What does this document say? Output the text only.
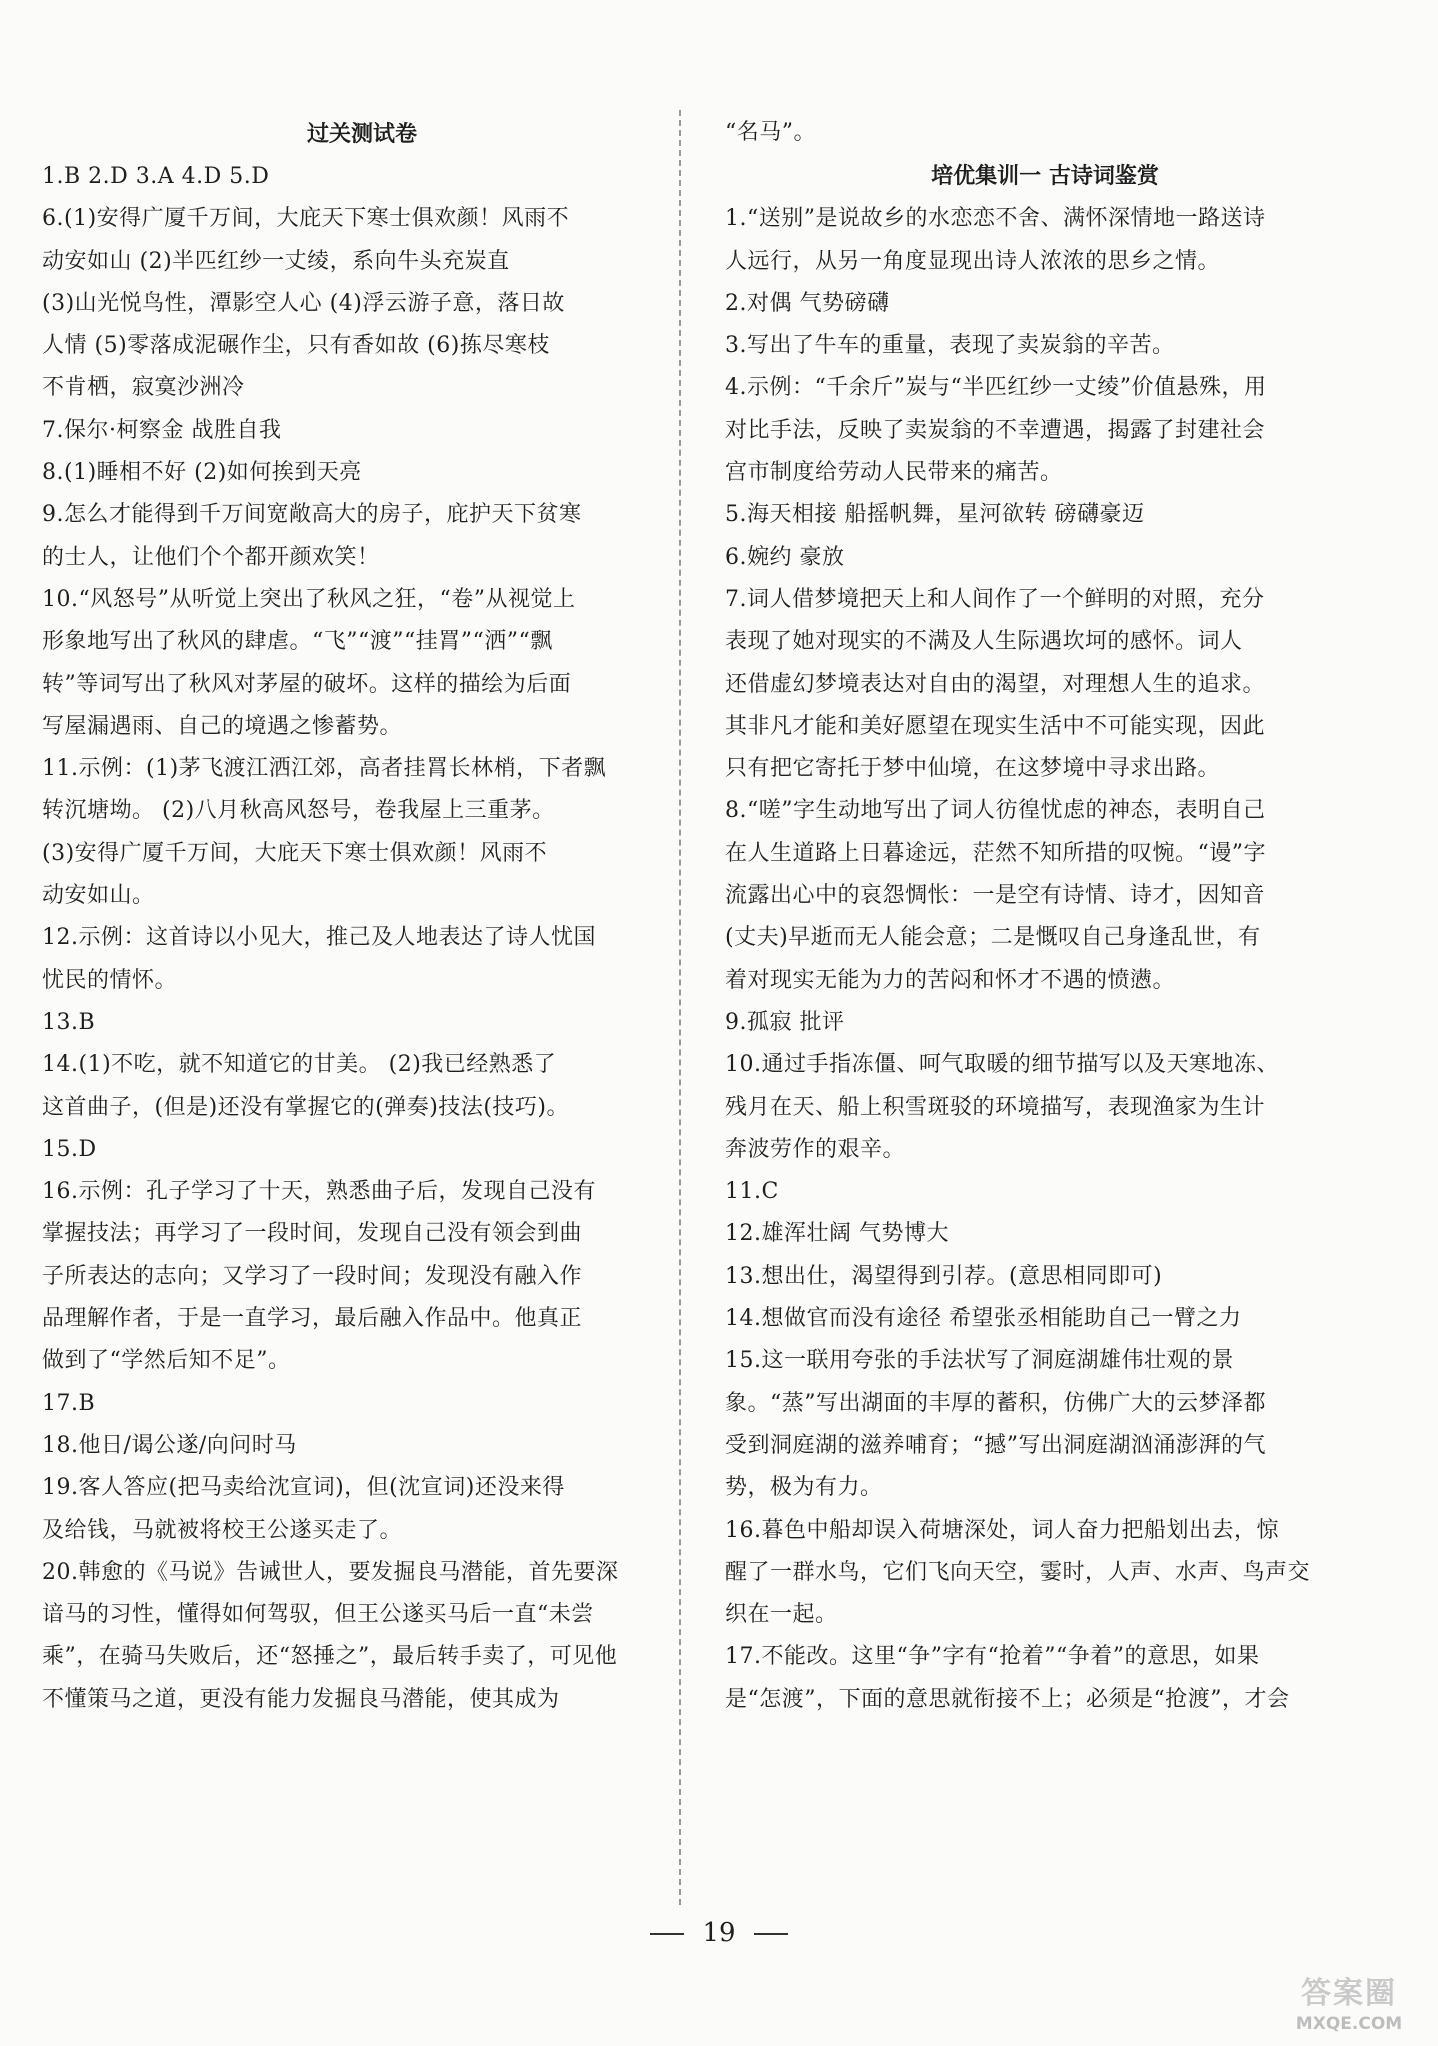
过关测试卷
1.B 2.D 3.A 4.D 5.D
6.(1)安得广厦千万间，大庇天下寒士俱欢颜！风雨不
动安如山 (2)半匹红纱一丈绫，系向牛头充炭直
(3)山光悦鸟性，潭影空人心 (4)浮云游子意，落日故
人情 (5)零落成泥碾作尘，只有香如故 (6)拣尽寒枝
不肯栖，寂寞沙洲冷
7.保尔·柯察金 战胜自我
8.(1)睡相不好 (2)如何挨到天亮
9.怎么才能得到千万间宽敞高大的房子，庇护天下贫寒
的士人，让他们个个都开颜欢笑！
10.“风怒号”从听觉上突出了秋风之狂，“卷”从视觉上
形象地写出了秋风的肆虐。“飞”“渡”“挂罥”“洒”“飘
转”等词写出了秋风对茅屋的破坏。这样的描绘为后面
写屋漏遇雨、自己的境遇之惨蓄势。
11.示例：(1)茅飞渡江洒江郊，高者挂罥长林梢，下者飘
转沉塘坳。 (2)八月秋高风怒号，卷我屋上三重茅。
(3)安得广厦千万间，大庇天下寒士俱欢颜！风雨不
动安如山。
12.示例：这首诗以小见大，推己及人地表达了诗人忧国
忧民的情怀。
13.B
14.(1)不吃，就不知道它的甘美。 (2)我已经熟悉了
这首曲子，(但是)还没有掌握它的(弹奏)技法(技巧)。
15.D
16.示例：孔子学习了十天，熟悉曲子后，发现自己没有
掌握技法；再学习了一段时间，发现自己没有领会到曲
子所表达的志向；又学习了一段时间；发现没有融入作
品理解作者，于是一直学习，最后融入作品中。他真正
做到了“学然后知不足”。
17.B
18.他日/谒公遂/向问时马
19.客人答应(把马卖给沈宣词)，但(沈宣词)还没来得
及给钱，马就被将校王公遂买走了。
20.韩愈的《马说》告诫世人，要发掘良马潜能，首先要深
谙马的习性，懂得如何驾驭，但王公遂买马后一直“未尝
乘”，在骑马失败后，还“怒捶之”，最后转手卖了，可见他
不懂策马之道，更没有能力发掘良马潜能，使其成为
“名马”。
培优集训一 古诗词鉴赏
1.“送别”是说故乡的水恋恋不舍、满怀深情地一路送诗
人远行，从另一角度显现出诗人浓浓的思乡之情。
2.对偶 气势磅礴
3.写出了牛车的重量，表现了卖炭翁的辛苦。
4.示例：“千余斤”炭与“半匹红纱一丈绫”价值悬殊，用
对比手法，反映了卖炭翁的不幸遭遇，揭露了封建社会
宫市制度给劳动人民带来的痛苦。
5.海天相接 船摇帆舞，星河欲转 磅礴豪迈
6.婉约 豪放
7.词人借梦境把天上和人间作了一个鲜明的对照，充分
表现了她对现实的不满及人生际遇坎坷的感怀。词人
还借虚幻梦境表达对自由的渴望，对理想人生的追求。
其非凡才能和美好愿望在现实生活中不可能实现，因此
只有把它寄托于梦中仙境，在这梦境中寻求出路。
8.“嗟”字生动地写出了词人彷徨忧虑的神态，表明自己
在人生道路上日暮途远，茫然不知所措的叹惋。“谩”字
流露出心中的哀怨惆怅：一是空有诗情、诗才，因知音
(丈夫)早逝而无人能会意；二是慨叹自己身逢乱世，有
着对现实无能为力的苦闷和怀才不遇的愤懑。
9.孤寂 批评
10.通过手指冻僵、呵气取暖的细节描写以及天寒地冻、
残月在天、船上积雪斑驳的环境描写，表现渔家为生计
奔波劳作的艰辛。
11.C
12.雄浑壮阔 气势博大
13.想出仕，渴望得到引荐。(意思相同即可)
14.想做官而没有途径 希望张丞相能助自己一臂之力
15.这一联用夸张的手法状写了洞庭湖雄伟壮观的景
象。“蒸”写出湖面的丰厚的蓄积，仿佛广大的云梦泽都
受到洞庭湖的滋养哺育；“撼”写出洞庭湖汹涌澎湃的气
势，极为有力。
16.暮色中船却误入荷塘深处，词人奋力把船划出去，惊
醒了一群水鸟，它们飞向天空，霎时，人声、水声、鸟声交
织在一起。
17.不能改。这里“争”字有“抢着”“争着”的意思，如果
是“怎渡”，下面的意思就衔接不上；必须是“抢渡”，才会
19
答案圈
MXQE.COM
